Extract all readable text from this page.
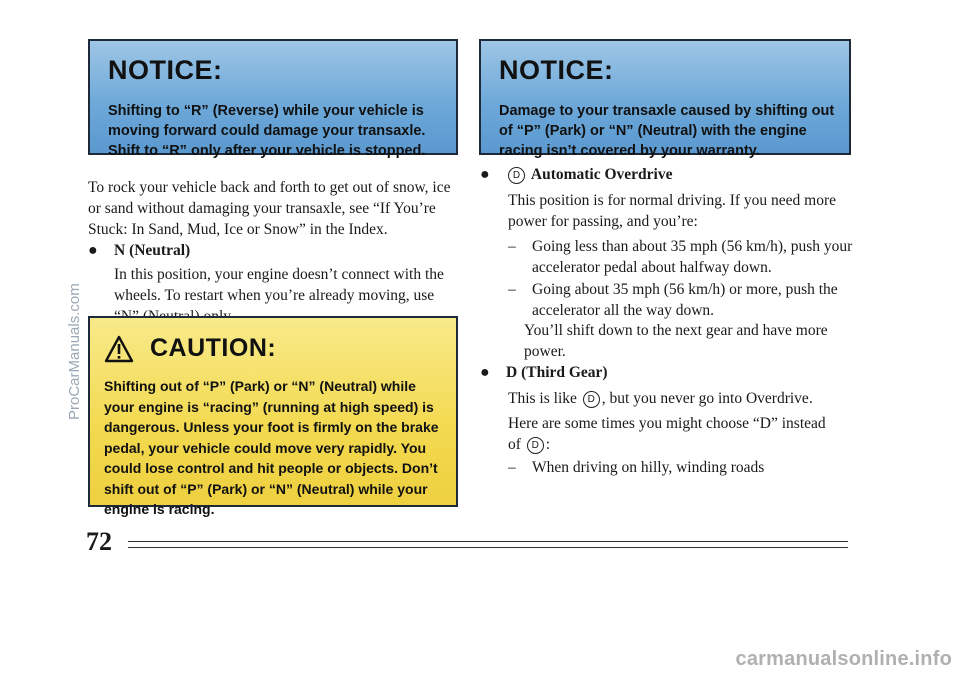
NOTICE:
Shifting to “R” (Reverse) while your vehicle is moving forward could damage your transaxle. Shift to “R” only after your vehicle is stopped.
NOTICE:
Damage to your transaxle caused by shifting out of “P” (Park) or “N” (Neutral) with the engine racing isn’t covered by your warranty.
To rock your vehicle back and forth to get out of snow, ice or sand without damaging your transaxle, see “If You’re Stuck: In Sand, Mud, Ice or Snow” in the Index.
● N (Neutral)
In this position, your engine doesn’t connect with the wheels. To restart when you’re already moving, use
CAUTION:
Shifting out of “P” (Park) or “N” (Neutral) while your engine is “racing” (running at high speed) is dangerous. Unless your foot is firmly on the brake pedal, your vehicle could move very rapidly. You could lose control and hit people or objects. Don’t shift out of “P” (Park) or “N” (Neutral) while your engine is racing.
● D Automatic Overdrive
This position is for normal driving. If you need more power for passing, and you’re:
–	Going less than about 35 mph (56 km/h), push your accelerator pedal about halfway down.
–	Going about 35 mph (56 km/h) or more, push the accelerator all the way down.
You’ll shift down to the next gear and have more power.
● D (Third Gear)
This is like D , but you never go into Overdrive.
Here are some times you might choose “D” instead
of D :
–	When driving on hilly, winding roads
72
ProCarManuals.com
carmanualsonline.info
